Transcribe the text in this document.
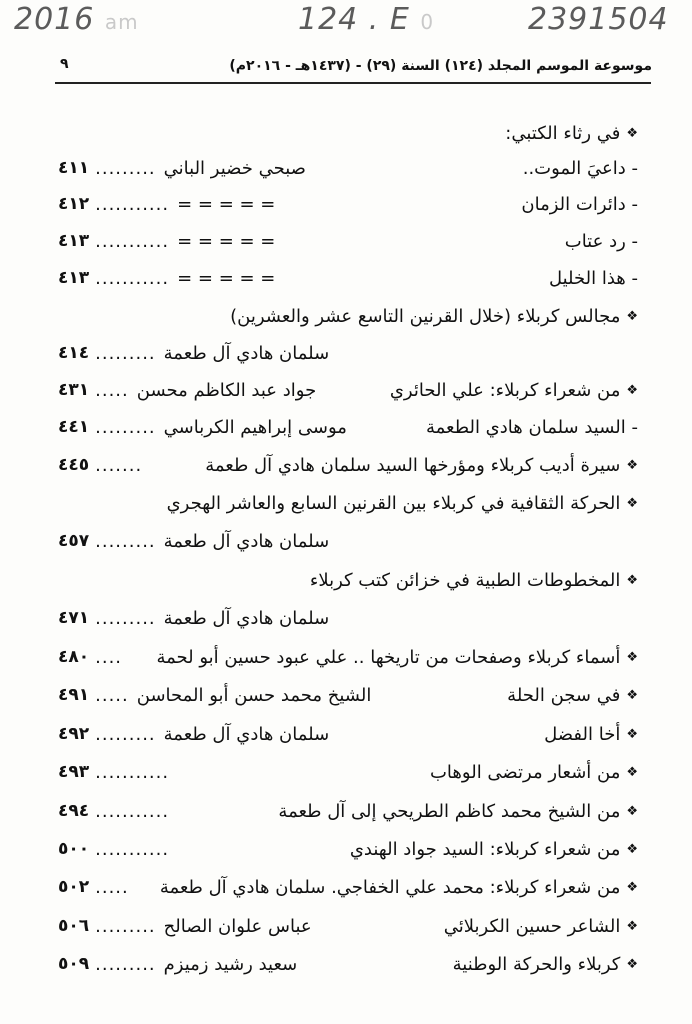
2016 am	124 . E 0	2391504
موسوعة الموسم المجلد (١٢٤) السنة (٢٩) - (١٤٣٧هـ - ٢٠١٦م)
٩
❖
في رثاء الكتبي:
- داعيَ الموت..
صبحي خضير الباني
.........
٤١١
- دائرات الزمان
= = = = =
...........
٤١٢
- رد عتاب
= = = = =
...........
٤١٣
- هذا الخليل
= = = = =
...........
٤١٣
❖
مجالس كربلاء (خلال القرنين التاسع عشر والعشرين)
سلمان هادي آل طعمة
.........
٤١٤
❖
من شعراء كربلاء: علي الحائري
جواد عبد الكاظم محسن
.....
٤٣١
- السيد سلمان هادي الطعمة
موسى إبراهيم الكرباسي
.........
٤٤١
❖
سيرة أديب كربلاء ومؤرخها السيد سلمان هادي آل طعمة
.......
٤٤٥
❖
الحركة الثقافية في كربلاء بين القرنين السابع والعاشر الهجري
سلمان هادي آل طعمة
.........
٤٥٧
❖
المخطوطات الطبية في خزائن كتب كربلاء
سلمان هادي آل طعمة
.........
٤٧١
❖
أسماء كربلاء وصفحات من تاريخها .. علي عبود حسين أبو لحمة
....
٤٨٠
❖
في سجن الحلة
الشيخ محمد حسن أبو المحاسن
.....
٤٩١
❖
أخا الفضل
سلمان هادي آل طعمة
.........
٤٩٢
❖
من أشعار مرتضى الوهاب
...........
٤٩٣
❖
من الشيخ محمد كاظم الطريحي إلى آل طعمة
...........
٤٩٤
❖
من شعراء كربلاء: السيد جواد الهندي
...........
٥٠٠
❖
من شعراء كربلاء: محمد علي الخفاجي. سلمان هادي آل طعمة
.....
٥٠٢
❖
الشاعر حسين الكربلائي
عباس علوان الصالح
.........
٥٠٦
❖
كربلاء والحركة الوطنية
سعيد رشيد زميزم
.........
٥٠٩
